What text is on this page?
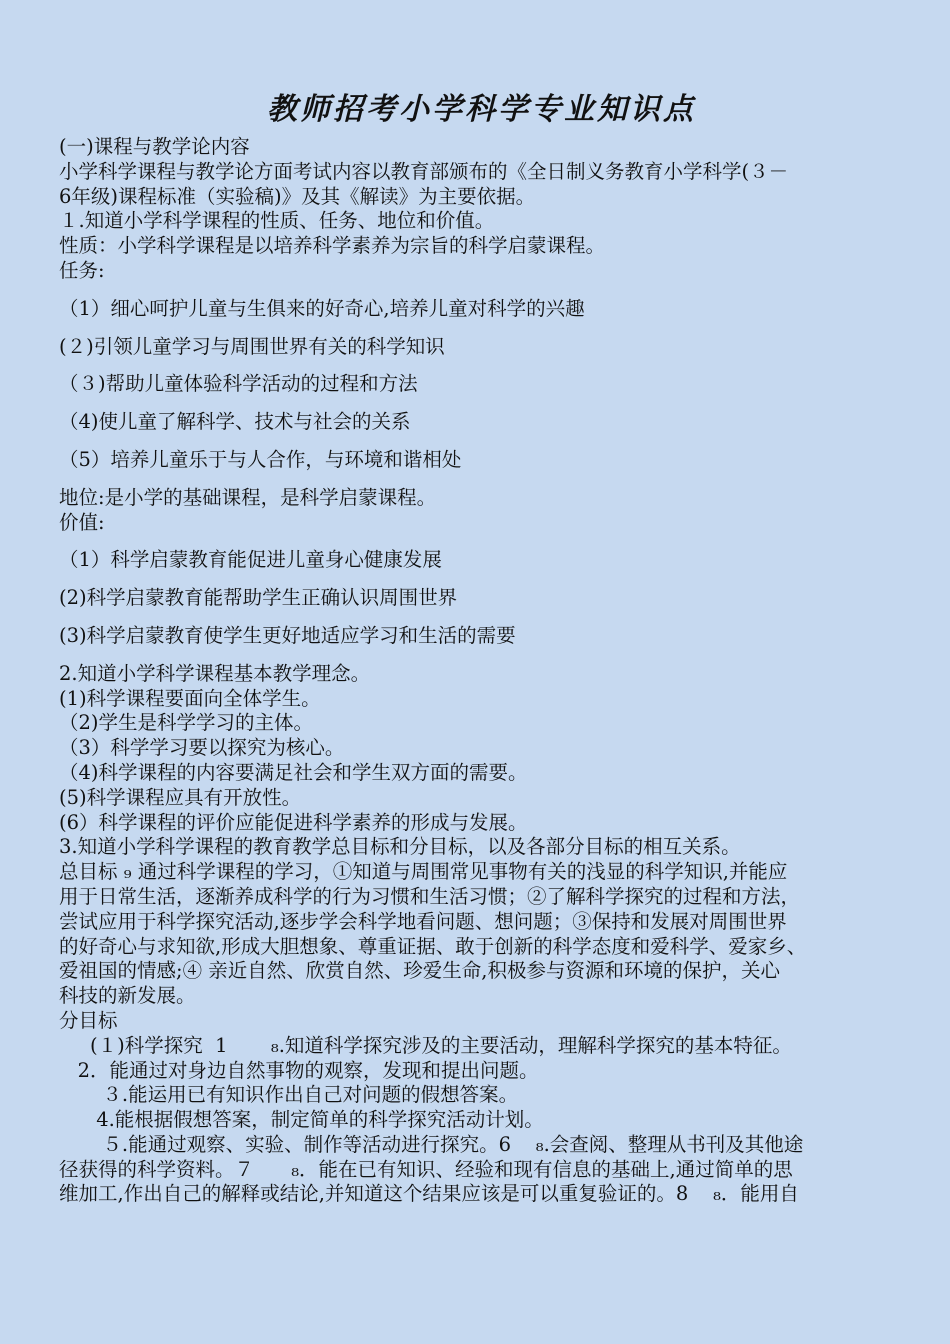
教师招考小学科学专业知识点
(一)课程与教学论内容
小学科学课程与教学论方面考试内容以教育部颁布的《全日制义务教育小学科学(３－
6年级)课程标准（实验稿)》及其《解读》为主要依据。
１.知道小学科学课程的性质、任务、地位和价值。
性质：小学科学课程是以培养科学素养为宗旨的科学启蒙课程。
任务:
（1）细心呵护儿童与生俱来的好奇心,培养儿童对科学的兴趣
(２)引领儿童学习与周围世界有关的科学知识
（３)帮助儿童体验科学活动的过程和方法
（4)使儿童了解科学、技术与社会的关系
（5）培养儿童乐于与人合作，与环境和谐相处
地位:是小学的基础课程，是科学启蒙课程。
价值:
（1）科学启蒙教育能促进儿童身心健康发展
(2)科学启蒙教育能帮助学生正确认识周围世界
(3)科学启蒙教育使学生更好地适应学习和生活的需要
2.知道小学科学课程基本教学理念。
(1)科学课程要面向全体学生。
（2)学生是科学学习的主体。
（3）科学学习要以探究为核心。
（4)科学课程的内容要满足社会和学生双方面的需要。
(5)科学课程应具有开放性。
(6）科学课程的评价应能促进科学素养的形成与发展。
3.知道小学科学课程的教育教学总目标和分目标，以及各部分目标的相互关系。
总目标 ₉ 通过科学课程的学习，①知道与周围常见事物有关的浅显的科学知识,并能应
用于日常生活，逐渐养成科学的行为习惯和生活习惯；②了解科学探究的过程和方法，
尝试应用于科学探究活动,逐步学会科学地看问题、想问题；③保持和发展对周围世界
的好奇心与求知欲,形成大胆想象、尊重证据、敢于创新的科学态度和爱科学、爱家乡、
爱祖国的情感;④ 亲近自然、欣赏自然、珍爱生命,积极参与资源和环境的保护，关心
科技的新发展。
分目标
(１)科学探究  1       ₈.知道科学探究涉及的主要活动，理解科学探究的基本特征。
2．能通过对身边自然事物的观察，发现和提出问题。
３.能运用已有知识作出自己对问题的假想答案。
4.能根据假想答案，制定简单的科学探究活动计划。
５.能通过观察、实验、制作等活动进行探究。6    ₈.会查阅、整理从书刊及其他途
径获得的科学资料。７      ₈．能在已有知识、经验和现有信息的基础上,通过简单的思
维加工,作出自己的解释或结论,并知道这个结果应该是可以重复验证的。8    ₈．能用自
